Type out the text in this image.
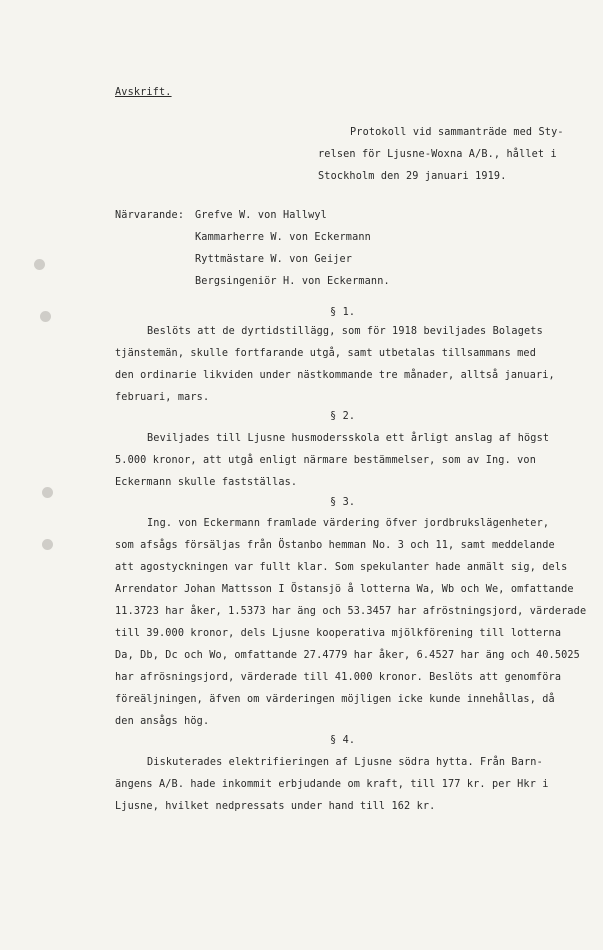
Avskrift.
Protokoll vid sammanträde med Sty-
relsen för Ljusne-Woxna A/B., hållet i
Stockholm den 29 januari 1919.
Närvarande: Grefve W. von Hallwyl
Kammarherre W. von Eckermann
Ryttmästare W. von Geijer
Bergsingeniör H. von Eckermann.
§ 1.
Beslöts att de dyrtidstillägg, som för 1918 beviljades Bolagets
tjänstemän, skulle fortfarande utgå, samt utbetalas tillsammans med
den ordinarie likviden under nästkommande tre månader, alltså januari,
februari, mars.
§ 2.
Beviljades till Ljusne husmodersskola ett årligt anslag af högst
5.000 kronor, att utgå enligt närmare bestämmelser, som av Ing. von
Eckermann skulle fastställas.
§ 3.
Ing. von Eckermann framlade värdering öfver jordbrukslägenheter,
som afsågs försäljas från Östanbo hemman No. 3 och 11, samt meddelande
att agostyckningen var fullt klar. Som spekulanter hade anmält sig, dels
Arrendator Johan Mattsson I Östansjö å lotterna Wa, Wb och We, omfattande
11.3723 har åker, 1.5373 har äng och 53.3457 har afröstningsjord, värderade
till 39.000 kronor, dels Ljusne kooperativa mjölkförening till lotterna
Da, Db, Dc och Wo, omfattande 27.4779 har åker, 6.4527 har äng och 40.5025
har afrösningsjord, värderade till 41.000 kronor. Beslöts att genomföra
föreäljningen, äfven om värderingen möjligen icke kunde innehållas, då
den ansågs hög.
§ 4.
Diskuterades elektrifieringen af Ljusne södra hytta. Från Barn-
ängens A/B. hade inkommit erbjudande om kraft, till 177 kr. per Hkr i
Ljusne, hvilket nedpressats under hand till 162 kr.
